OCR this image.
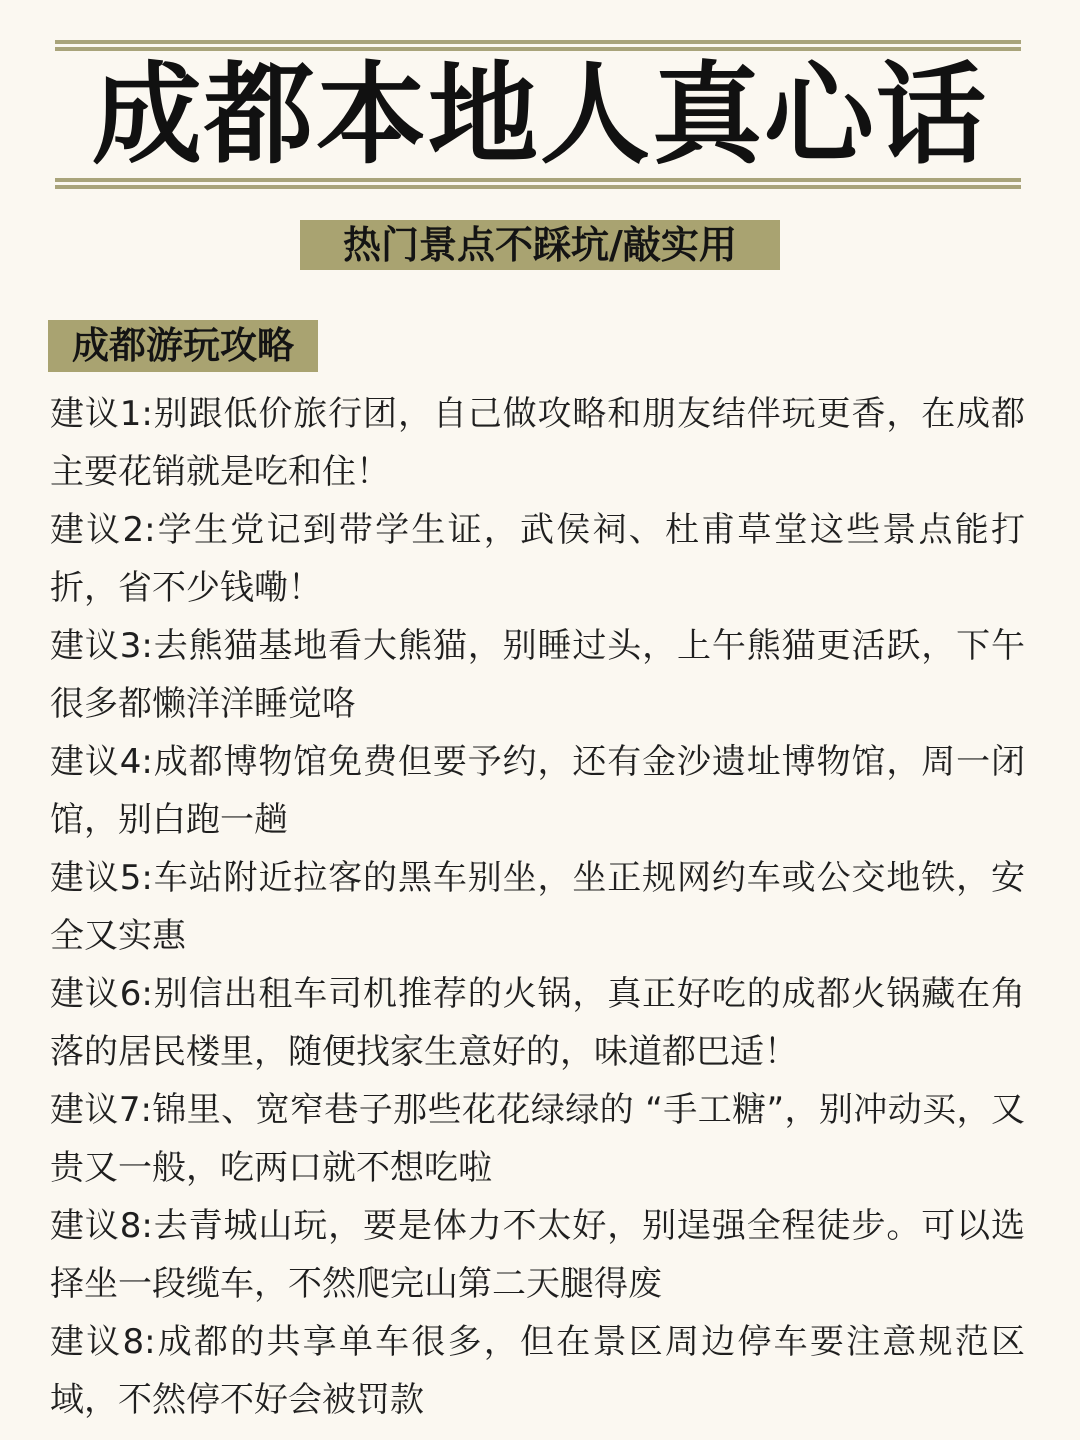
成都本地人真心话
热门景点不踩坑/敲实用
成都游玩攻略
建议1:别跟低价旅行团，自己做攻略和朋友结伴玩更香，在成都主要花销就是吃和住！
建议2:学生党记到带学生证，武侯祠、杜甫草堂这些景点能打折，省不少钱嘞！
建议3:去熊猫基地看大熊猫，别睡过头，上午熊猫更活跃，下午很多都懒洋洋睡觉咯
建议4:成都博物馆免费但要予约，还有金沙遗址博物馆，周一闭馆，别白跑一趟
建议5:车站附近拉客的黑车别坐，坐正规网约车或公交地铁，安全又实惠
建议6:别信出租车司机推荐的火锅，真正好吃的成都火锅藏在角落的居民楼里，随便找家生意好的，味道都巴适！
建议7:锦里、宽窄巷子那些花花绿绿的 “手工糖”，别冲动买，又贵又一般，吃两口就不想吃啦
建议8:去青城山玩，要是体力不太好，别逞强全程徒步。可以选择坐一段缆车，不然爬完山第二天腿得废
建议8:成都的共享单车很多，但在景区周边停车要注意规范区域，不然停不好会被罚款
